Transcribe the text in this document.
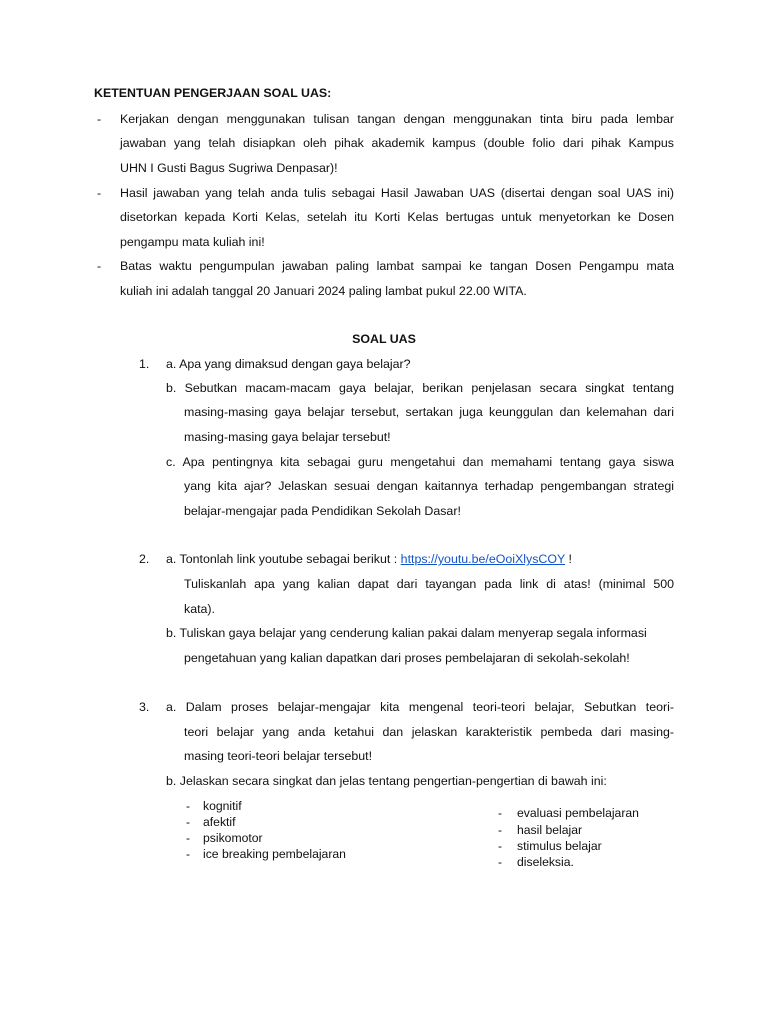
KETENTUAN PENGERJAAN SOAL UAS:
- Kerjakan dengan menggunakan tulisan tangan dengan menggunakan tinta biru pada lembar
jawaban yang telah disiapkan oleh pihak akademik kampus (double folio dari pihak Kampus
UHN I Gusti Bagus Sugriwa Denpasar)!
- Hasil jawaban yang telah anda tulis sebagai Hasil Jawaban UAS (disertai dengan soal UAS ini)
disetorkan kepada Korti Kelas, setelah itu Korti Kelas bertugas untuk menyetorkan ke Dosen
pengampu mata kuliah ini!
- Batas waktu pengumpulan jawaban paling lambat sampai ke tangan Dosen Pengampu mata
kuliah ini adalah tanggal 20 Januari 2024 paling lambat pukul 22.00 WITA.
SOAL UAS
1. a. Apa yang dimaksud dengan gaya belajar?
b. Sebutkan macam-macam gaya belajar, berikan penjelasan secara singkat tentang
masing-masing gaya belajar tersebut, sertakan juga keunggulan dan kelemahan dari
masing-masing gaya belajar tersebut!
c. Apa pentingnya kita sebagai guru mengetahui dan memahami tentang gaya siswa
yang kita ajar? Jelaskan sesuai dengan kaitannya terhadap pengembangan strategi
belajar-mengajar pada Pendidikan Sekolah Dasar!
2. a. Tontonlah link youtube sebagai berikut : https://youtu.be/eOoiXlysCOY !
Tuliskanlah apa yang kalian dapat dari tayangan pada link di atas! (minimal 500
kata).
b. Tuliskan gaya belajar yang cenderung kalian pakai dalam menyerap segala informasi
pengetahuan yang kalian dapatkan dari proses pembelajaran di sekolah-sekolah!
3. a. Dalam proses belajar-mengajar kita mengenal teori-teori belajar, Sebutkan teori-
teori belajar yang anda ketahui dan jelaskan karakteristik pembeda dari masing-
masing teori-teori belajar tersebut!
b. Jelaskan secara singkat dan jelas tentang pengertian-pengertian di bawah ini:
- kognitif
- afektif
- psikomotor
- ice breaking pembelajaran
- evaluasi pembelajaran
- hasil belajar
- stimulus belajar
- diseleksia.
